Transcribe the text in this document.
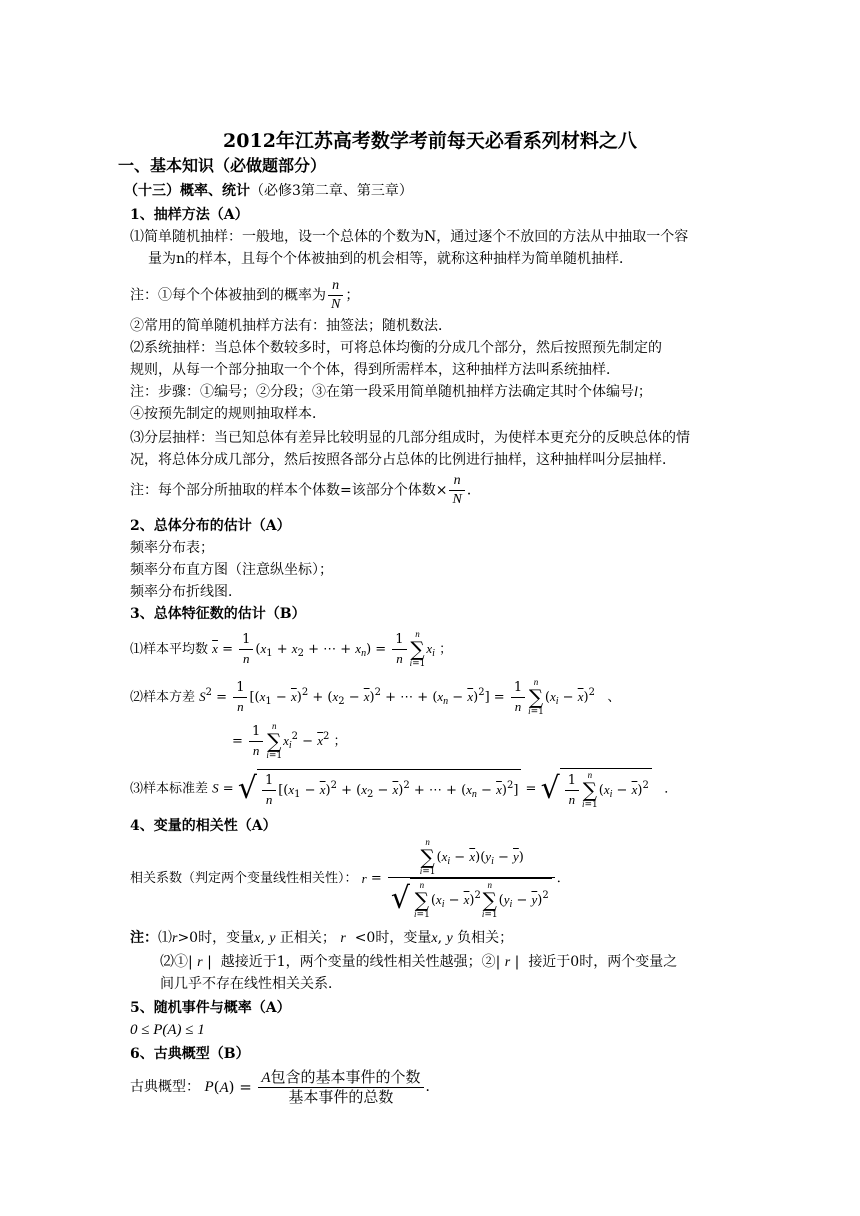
2012年江苏高考数学考前每天必看系列材料之八
一、基本知识（必做题部分）
（十三）概率、统计（必修3第二章、第三章）
1、抽样方法（A）
⑴简单随机抽样：一般地，设一个总体的个数为N，通过逐个不放回的方法从中抽取一个容
量为n的样本，且每个个体被抽到的机会相等，就称这种抽样为简单随机抽样．
注：①每个个体被抽到的概率为 $\frac{n}{N}$ ；
②常用的简单随机抽样方法有：抽签法；随机数法．
⑵系统抽样：当总体个数较多时，可将总体均衡的分成几个部分，然后按照预先制定的
规则，从每一个部分抽取一个个体，得到所需样本，这种抽样方法叫系统抽样．
注：步骤：①编号；②分段；③在第一段采用简单随机抽样方法确定其时个体编号l；
④按预先制定的规则抽取样本．
⑶分层抽样：当已知总体有差异比较明显的几部分组成时，为使样本更充分的反映总体的情
况，将总体分成几部分，然后按照各部分占总体的比例进行抽样，这种抽样叫分层抽样．
注：每个部分所抽取的样本个体数=该部分个体数× $\frac{n}{N}$ ．
2、总体分布的估计（A）
频率分布表；
频率分布直方图（注意纵坐标）；
频率分布折线图．
3、总体特征数的估计（B）
⑴样本平均数 $\overline{x} = \frac{1}{n} (x_1 + x_2$ + ⋯ + $x_n) = \frac{1}{n}$ n
∑
i=1
$x_i$ ；
⑵样本方差 $S^2 = \frac{1}{n} [(x_1 - \overline{x})^2 + (x_2 - \overline{x})^2$ + ⋯ + $(x_n - \overline{x})^2] = \frac{1}{n}$ n
∑
i=1
$(x_i - \overline{x})^2$   、
= $\frac{1}{n}$ n
∑
i=1
$x_i^2 - \overline{x}^2$ ；
⑶样本标准差 S = √ $\frac{1}{n} [(x_1 - \overline{x})^2 + (x_2 - \overline{x})^2$ + ⋯ + $(x_n - \overline{x})^2$] = √ $\frac{1}{n}$ n
∑
i=1
$(x_i - \overline{x})^2$   ．
4、变量的相关性（A）
相关系数（判定两个变量线性相关性）： r = n
∑
i=1
$(x_i - \overline{x})(y_i - \overline{y})$
√	n
∑
i=1
$(x_i - \overline{x})^2$
n
∑
i=1
$(y_i - \overline{y})^2$ ．
注：⑴r>0时，变量x, y 正相关； r <0时，变量x, y 负相关；
⑵①| r |  越接近于1，两个变量的线性相关性越强；②| r |  接近于0时，两个变量之
间几乎不存在线性相关关系．
5、随机事件与概率（A）
0 ≤ P(A) ≤ 1
6、古典概型（B）
古典概型： $P(A) = \frac{\text{A包含的基本事件的个数}}{\text{基本事件的总数}}$ ．
